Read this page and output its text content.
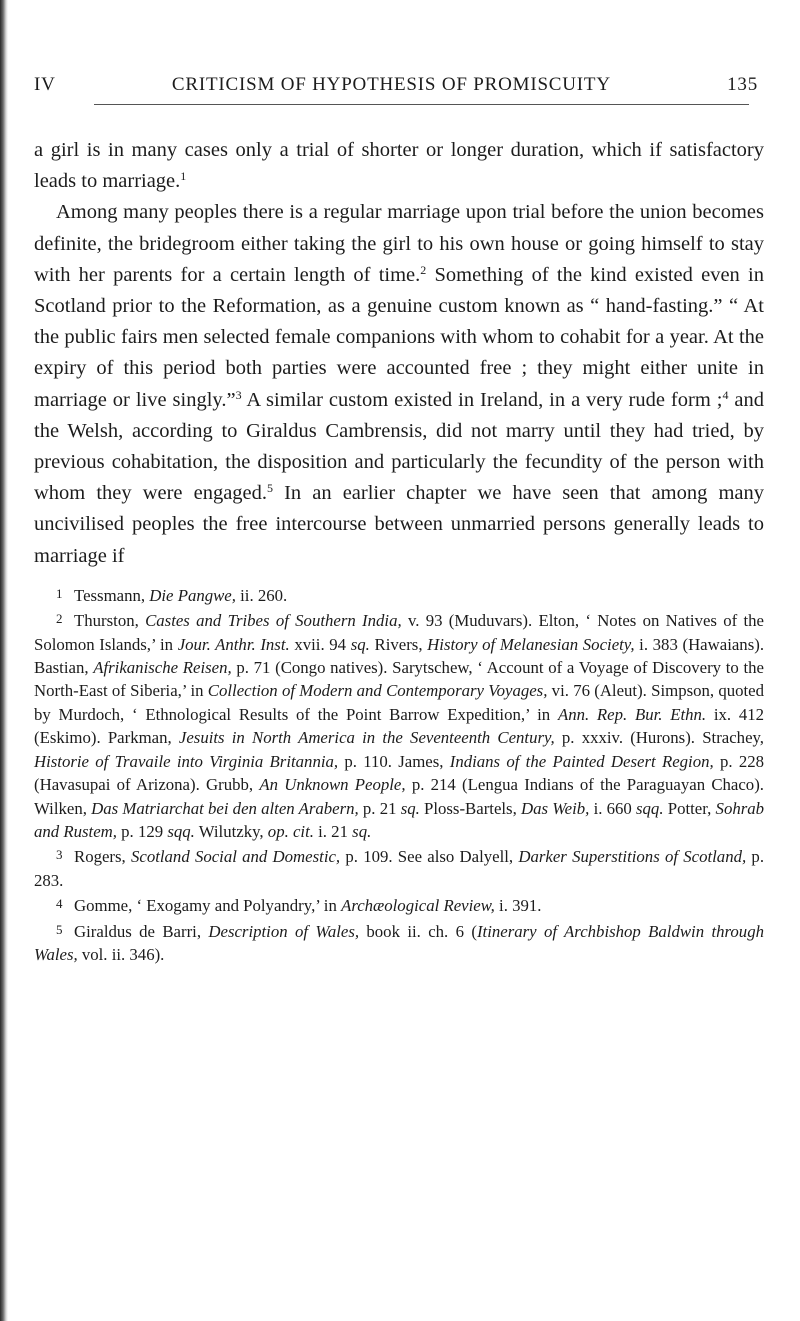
IV	CRITICISM OF HYPOTHESIS OF PROMISCUITY	135

a girl is in many cases only a trial of shorter or longer duration, which if satisfactory leads to marriage.$^1$

Among many peoples there is a regular marriage upon trial before the union becomes definite, the bridegroom either taking the girl to his own house or going himself to stay with her parents for a certain length of time.$^2$ Something of the kind existed even in Scotland prior to the Reformation, as a genuine custom known as “ hand-fasting.” “ At the public fairs men selected female companions with whom to cohabit for a year. At the expiry of this period both parties were accounted free ; they might either unite in marriage or live singly.”$^3$ A similar custom existed in Ireland, in a very rude form ;$^4$ and the Welsh, according to Giraldus Cambrensis, did not marry until they had tried, by previous cohabitation, the disposition and particularly the fecundity of the person with whom they were engaged.$^5$ In an earlier chapter we have seen that among many uncivilised peoples the free intercourse between unmarried persons generally leads to marriage if

1 Tessmann, Die Pangwe, ii. 260.

2 Thurston, Castes and Tribes of Southern India, v. 93 (Muduvars). Elton, ‘ Notes on Natives of the Solomon Islands,’ in Jour. Anthr. Inst. xvii. 94 sq. Rivers, History of Melanesian Society, i. 383 (Hawaians). Bastian, Afrikanische Reisen, p. 71 (Congo natives). Sarytschew, ‘ Account of a Voyage of Discovery to the North-East of Siberia,’ in Collection of Modern and Contemporary Voyages, vi. 76 (Aleut). Simpson, quoted by Murdoch, ‘ Ethnological Results of the Point Barrow Expedition,’ in Ann. Rep. Bur. Ethn. ix. 412 (Eskimo). Parkman, Jesuits in North America in the Seventeenth Century, p. xxxiv. (Hurons). Strachey, Historie of Travaile into Virginia Britannia, p. 110. James, Indians of the Painted Desert Region, p. 228 (Havasupai of Arizona). Grubb, An Unknown People, p. 214 (Lengua Indians of the Paraguayan Chaco). Wilken, Das Matriarchat bei den alten Arabern, p. 21 sq. Ploss-Bartels, Das Weib, i. 660 sqq. Potter, Sohrab and Rustem, p. 129 sqq. Wilutzky, op. cit. i. 21 sq.

3 Rogers, Scotland Social and Domestic, p. 109. See also Dalyell, Darker Superstitions of Scotland, p. 283.

4 Gomme, ‘ Exogamy and Polyandry,’ in Archæological Review, i. 391.

5 Giraldus de Barri, Description of Wales, book ii. ch. 6 (Itinerary of Archbishop Baldwin through Wales, vol. ii. 346).
